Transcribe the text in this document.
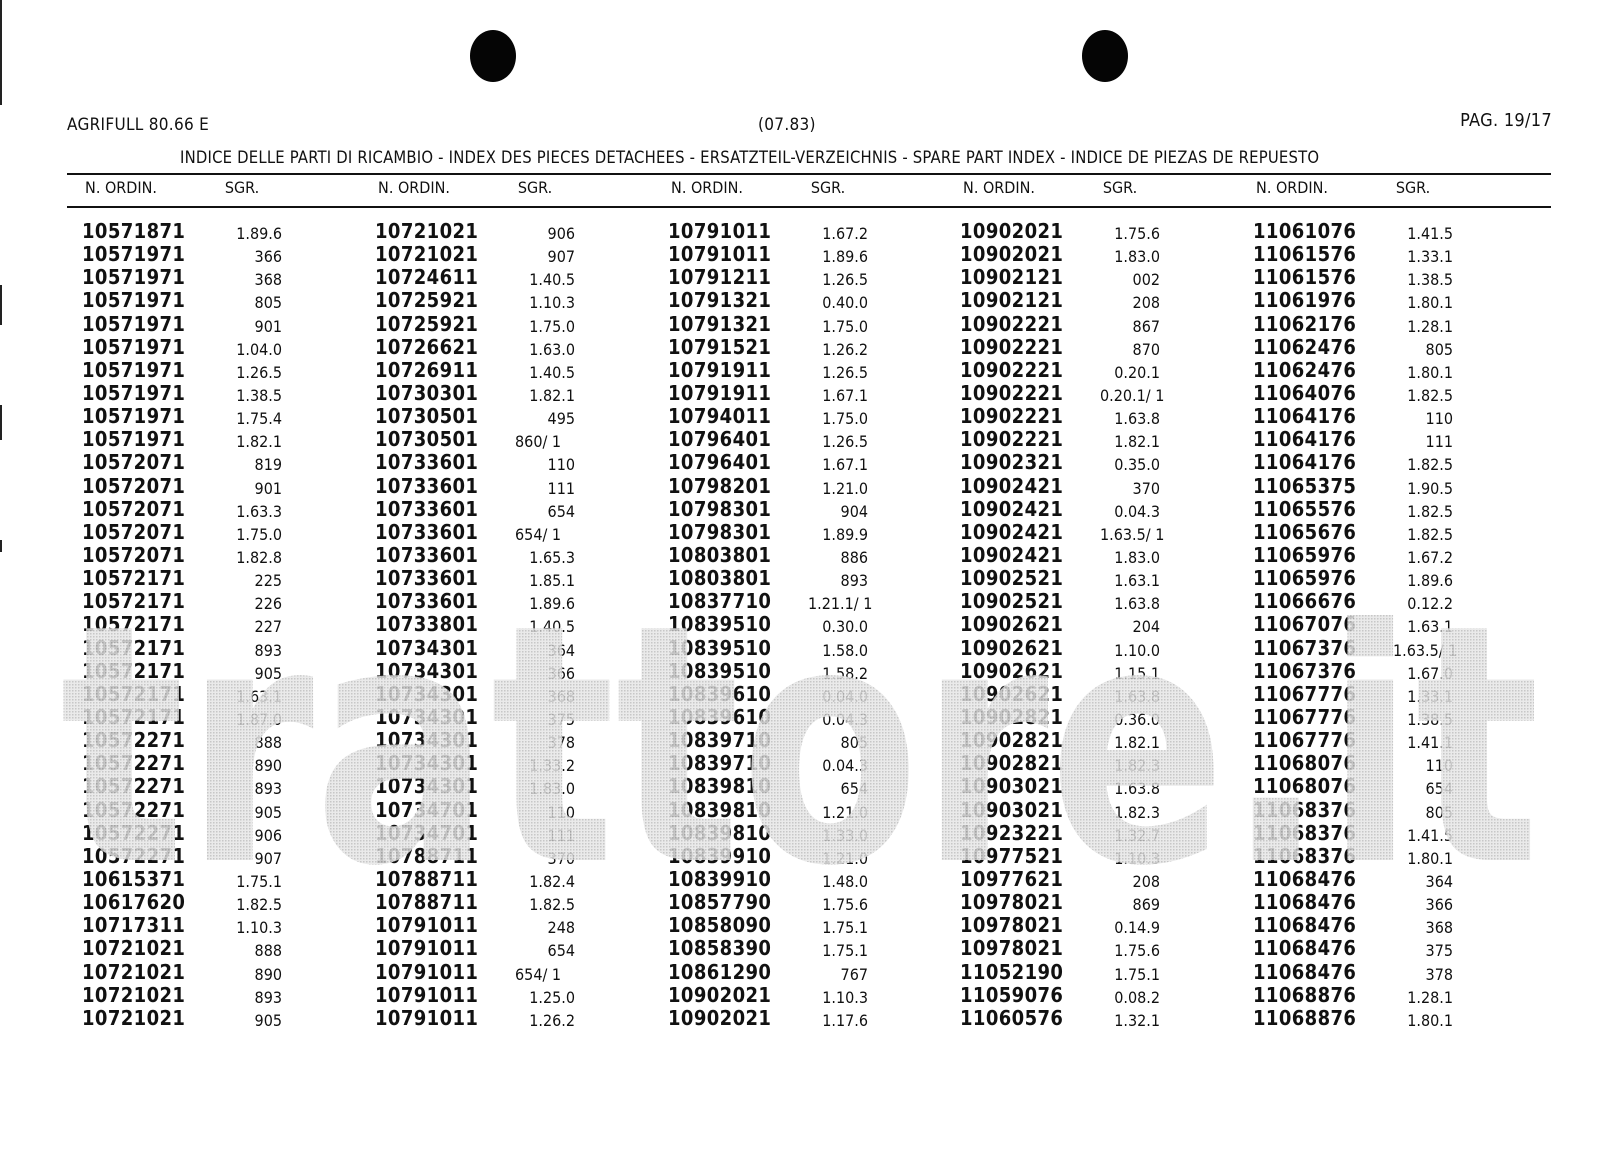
AGRIFULL 80.66 E	(07.83)	PAG. 19/17
INDICE DELLE PARTI DI RICAMBIO - INDEX DES PIECES DETACHEES - ERSATZTEIL-VERZEICHNIS - SPARE PART INDEX - INDICE DE PIEZAS DE REPUESTO
N. ORDIN.	SGR.
10571871	1.89.6
10571971	366
10571971	368
10571971	805
10571971	901
10571971	1.04.0
10571971	1.26.5
10571971	1.38.5
10571971	1.75.4
10571971	1.82.1
10572071	819
10572071	901
10572071	1.63.3
10572071	1.75.0
10572071	1.82.8
10572171	225
10572171	226
10572171	227
10572171	893
10572171	905
10572171	1.63.1
10572171	1.87.0
10572271	888
10572271	890
10572271	893
10572271	905
10572271	906
10572271	907
10615371	1.75.1
10617620	1.82.5
10717311	1.10.3
10721021	888
10721021	890
10721021	893
10721021	905
N. ORDIN.	SGR.
10721021	906
10721021	907
10724611	1.40.5
10725921	1.10.3
10725921	1.75.0
10726621	1.63.0
10726911	1.40.5
10730301	1.82.1
10730501	495
10730501 860/ 1
10733601	110
10733601	111
10733601	654
10733601 654/ 1
10733601	1.65.3
10733601	1.85.1
10733601	1.89.6
10733801	1.40.5
10734301	364
10734301	366
10734301	368
10734301	375
10734301	378
10734301	1.33.2
10734301	1.83.0
10734701	110
10734701	111
10788711	370
10788711	1.82.4
10788711	1.82.5
10791011	248
10791011	654
10791011 654/ 1
10791011	1.25.0
10791011	1.26.2
N. ORDIN.	SGR.
10791011	1.67.2
10791011	1.89.6
10791211	1.26.5
10791321	0.40.0
10791321	1.75.0
10791521	1.26.2
10791911	1.26.5
10791911	1.67.1
10794011	1.75.0
10796401	1.26.5
10796401	1.67.1
10798201	1.21.0
10798301	904
10798301	1.89.9
10803801	886
10803801	893
10837710 1.21.1/ 1
10839510	0.30.0
10839510	1.58.0
10839510	1.58.2
10839610	0.04.0
10839610	0.04.3
10839710	805
10839710	0.04.3
10839810	654
10839810	1.21.0
10839810	1.33.0
10839910	1.21.0
10839910	1.48.0
10857790	1.75.6
10858090	1.75.1
10858390	1.75.1
10861290	767
10902021	1.10.3
10902021	1.17.6
N. ORDIN.	SGR.
10902021	1.75.6
10902021	1.83.0
10902121	002
10902121	208
10902221	867
10902221	870
10902221	0.20.1
10902221 0.20.1/ 1
10902221	1.63.8
10902221	1.82.1
10902321	0.35.0
10902421	370
10902421	0.04.3
10902421 1.63.5/ 1
10902421	1.83.0
10902521	1.63.1
10902521	1.63.8
10902621	204
10902621	1.10.0
10902621	1.15.1
10902621	1.63.8
10902821	0.36.0
10902821	1.82.1
10902821	1.82.3
10903021	1.63.8
10903021	1.82.3
10923221	1.32.7
10977521	1.10.3
10977621	208
10978021	869
10978021	0.14.9
10978021	1.75.6
11052190	1.75.1
11059076	0.08.2
11060576	1.32.1
N. ORDIN.	SGR.
11061076	1.41.5
11061576	1.33.1
11061576	1.38.5
11061976	1.80.1
11062176	1.28.1
11062476	805
11062476	1.80.1
11064076	1.82.5
11064176	110
11064176	111
11064176	1.82.5
11065375	1.90.5
11065576	1.82.5
11065676	1.82.5
11065976	1.67.2
11065976	1.89.6
11066676	0.12.2
11067076	1.63.1
11067376 1.63.5/ 1
11067376	1.67.0
11067776	1.33.1
11067776	1.38.5
11067776	1.41.1
11068076	110
11068076	654
11068376	805
11068376	1.41.5
11068376	1.80.1
11068476	364
11068476	366
11068476	368
11068476	375
11068476	378
11068876	1.28.1
11068876	1.80.1
trattore.it
